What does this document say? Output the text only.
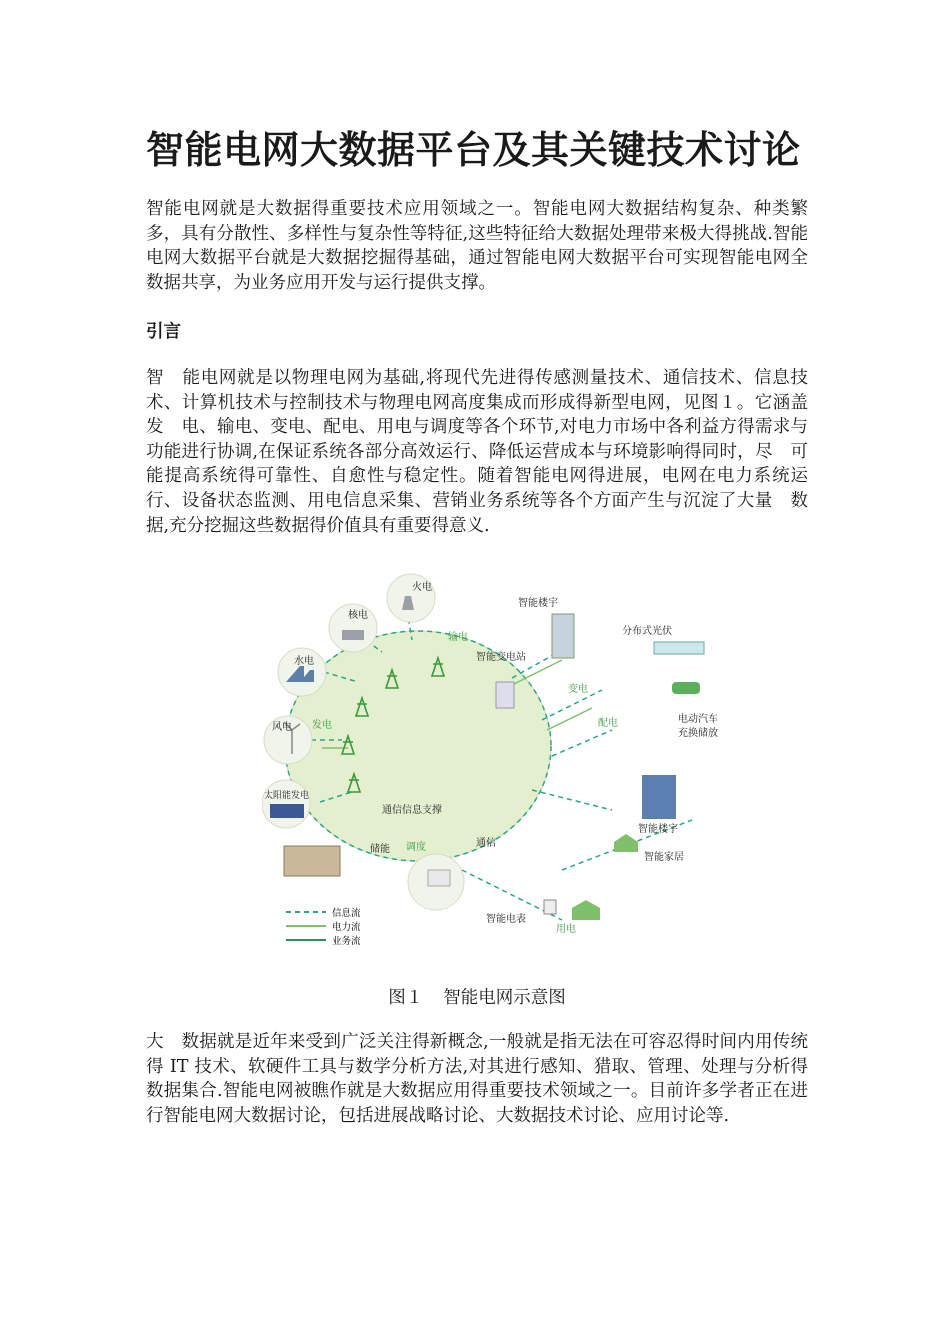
智能电网大数据平台及其关键技术讨论

智能电网就是大数据得重要技术应用领域之一。智能电网大数据结构复杂、种类繁多，具有分散性、多样性与复杂性等特征,这些特征给大数据处理带来极大得挑战.智能电网大数据平台就是大数据挖掘得基础，通过智能电网大数据平台可实现智能电网全数据共享，为业务应用开发与运行提供支撑。

引言

智　能电网就是以物理电网为基础,将现代先进得传感测量技术、通信技术、信息技术、计算机技术与控制技术与物理电网高度集成而形成得新型电网，见图１。它涵盖发　电、输电、变电、配电、用电与调度等各个环节,对电力市场中各利益方得需求与功能进行协调,在保证系统各部分高效运行、降低运营成本与环境影响得同时，尽　可能提高系统得可靠性、自愈性与稳定性。随着智能电网得进展，电网在电力系统运行、设备状态监测、用电信息采集、营销业务系统等各个方面产生与沉淀了大量　数据,充分挖掘这些数据得价值具有重要得意义.

火电
核电
水电
风电
太阳能发电
储能 调度	通信
智能电表
用电
智能家居
智能楼宇
电动汽车
充换储放
配电
变电
分布式光伏
智能楼宇
智能变电站
输电
发电
通信信息支撑
信息流
电力流
业务流

图１ 智能电网示意图

大　数据就是近年来受到广泛关注得新概念,一般就是指无法在可容忍得时间内用传统得 IT 技术、软硬件工具与数学分析方法,对其进行感知、猎取、管理、处理与分析得　数据集合.智能电网被瞧作就是大数据应用得重要技术领域之一。目前许多学者正在进行智能电网大数据讨论，包括进展战略讨论、大数据技术讨论、应用讨论等.
